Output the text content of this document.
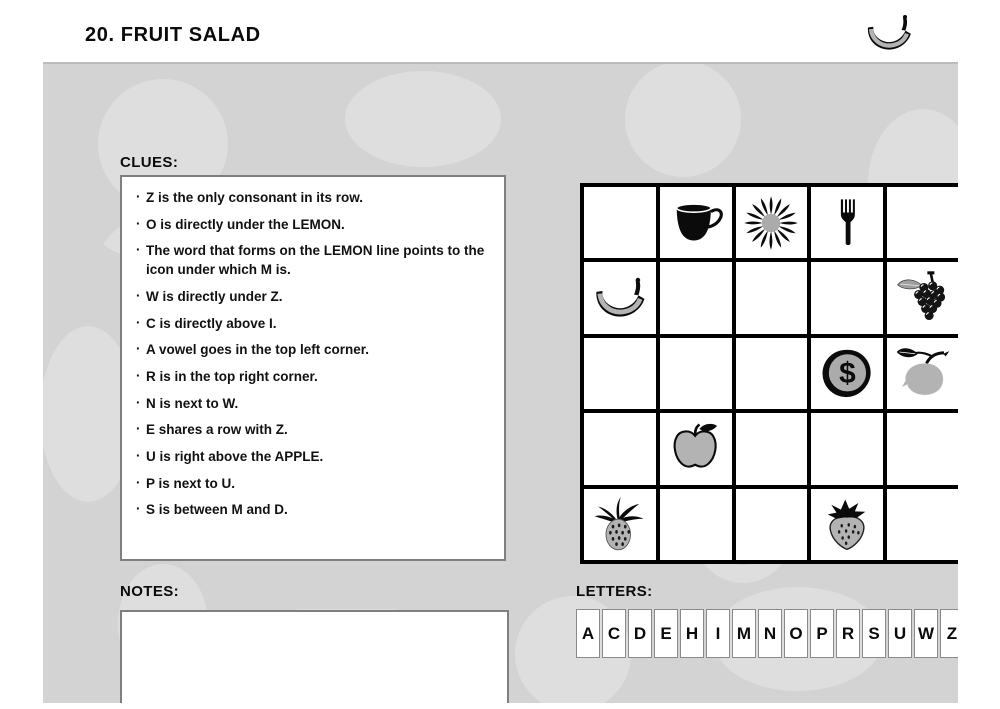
20. FRUIT SALAD
CLUES:
· Z is the only consonant in its row.
· O is directly under the LEMON.
· The word that forms on the LEMON line points to the icon under which M is.
· W is directly under Z.
· C is directly above I.
· A vowel goes in the top left corner.
· R is in the top right corner.
· N is next to W.
· E shares a row with Z.
· U is right above the APPLE.
· P is next to U.
· S is between M and D.
$
NOTES:	LETTERS:
A C D E H	I M N O P R S U W Z
